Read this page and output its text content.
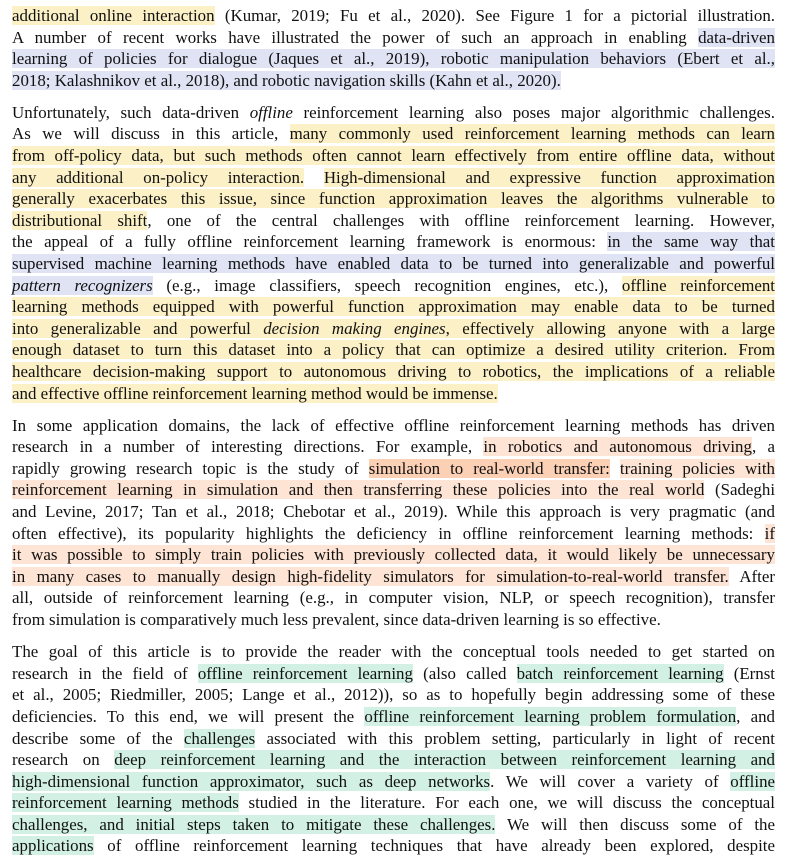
additional online interaction (Kumar, 2019; Fu et al., 2020). See Figure 1 for a pictorial illustration.
A number of recent works have illustrated the power of such an approach in enabling data-driven
learning of policies for dialogue (Jaques et al., 2019), robotic manipulation behaviors (Ebert et al.,
2018; Kalashnikov et al., 2018), and robotic navigation skills (Kahn et al., 2020).
Unfortunately, such data-driven offline reinforcement learning also poses major algorithmic challenges.
As we will discuss in this article, many commonly used reinforcement learning methods can learn
from off-policy data, but such methods often cannot learn effectively from entire offline data, without
any additional on-policy interaction. High-dimensional and expressive function approximation
generally exacerbates this issue, since function approximation leaves the algorithms vulnerable to
distributional shift, one of the central challenges with offline reinforcement learning. However,
the appeal of a fully offline reinforcement learning framework is enormous: in the same way that
supervised machine learning methods have enabled data to be turned into generalizable and powerful
pattern recognizers (e.g., image classifiers, speech recognition engines, etc.), offline reinforcement
learning methods equipped with powerful function approximation may enable data to be turned
into generalizable and powerful decision making engines, effectively allowing anyone with a large
enough dataset to turn this dataset into a policy that can optimize a desired utility criterion. From
healthcare decision-making support to autonomous driving to robotics, the implications of a reliable
and effective offline reinforcement learning method would be immense.
In some application domains, the lack of effective offline reinforcement learning methods has driven
research in a number of interesting directions. For example, in robotics and autonomous driving, a
rapidly growing research topic is the study of simulation to real-world transfer: training policies with
reinforcement learning in simulation and then transferring these policies into the real world (Sadeghi
and Levine, 2017; Tan et al., 2018; Chebotar et al., 2019). While this approach is very pragmatic (and
often effective), its popularity highlights the deficiency in offline reinforcement learning methods: if
it was possible to simply train policies with previously collected data, it would likely be unnecessary
in many cases to manually design high-fidelity simulators for simulation-to-real-world transfer. After
all, outside of reinforcement learning (e.g., in computer vision, NLP, or speech recognition), transfer
from simulation is comparatively much less prevalent, since data-driven learning is so effective.
The goal of this article is to provide the reader with the conceptual tools needed to get started on
research in the field of offline reinforcement learning (also called batch reinforcement learning (Ernst
et al., 2005; Riedmiller, 2005; Lange et al., 2012)), so as to hopefully begin addressing some of these
deficiencies. To this end, we will present the offline reinforcement learning problem formulation, and
describe some of the challenges associated with this problem setting, particularly in light of recent
research on deep reinforcement learning and the interaction between reinforcement learning and
high-dimensional function approximator, such as deep networks. We will cover a variety of offline
reinforcement learning methods studied in the literature. For each one, we will discuss the conceptual
challenges, and initial steps taken to mitigate these challenges. We will then discuss some of the
applications of offline reinforcement learning techniques that have already been explored, despite
